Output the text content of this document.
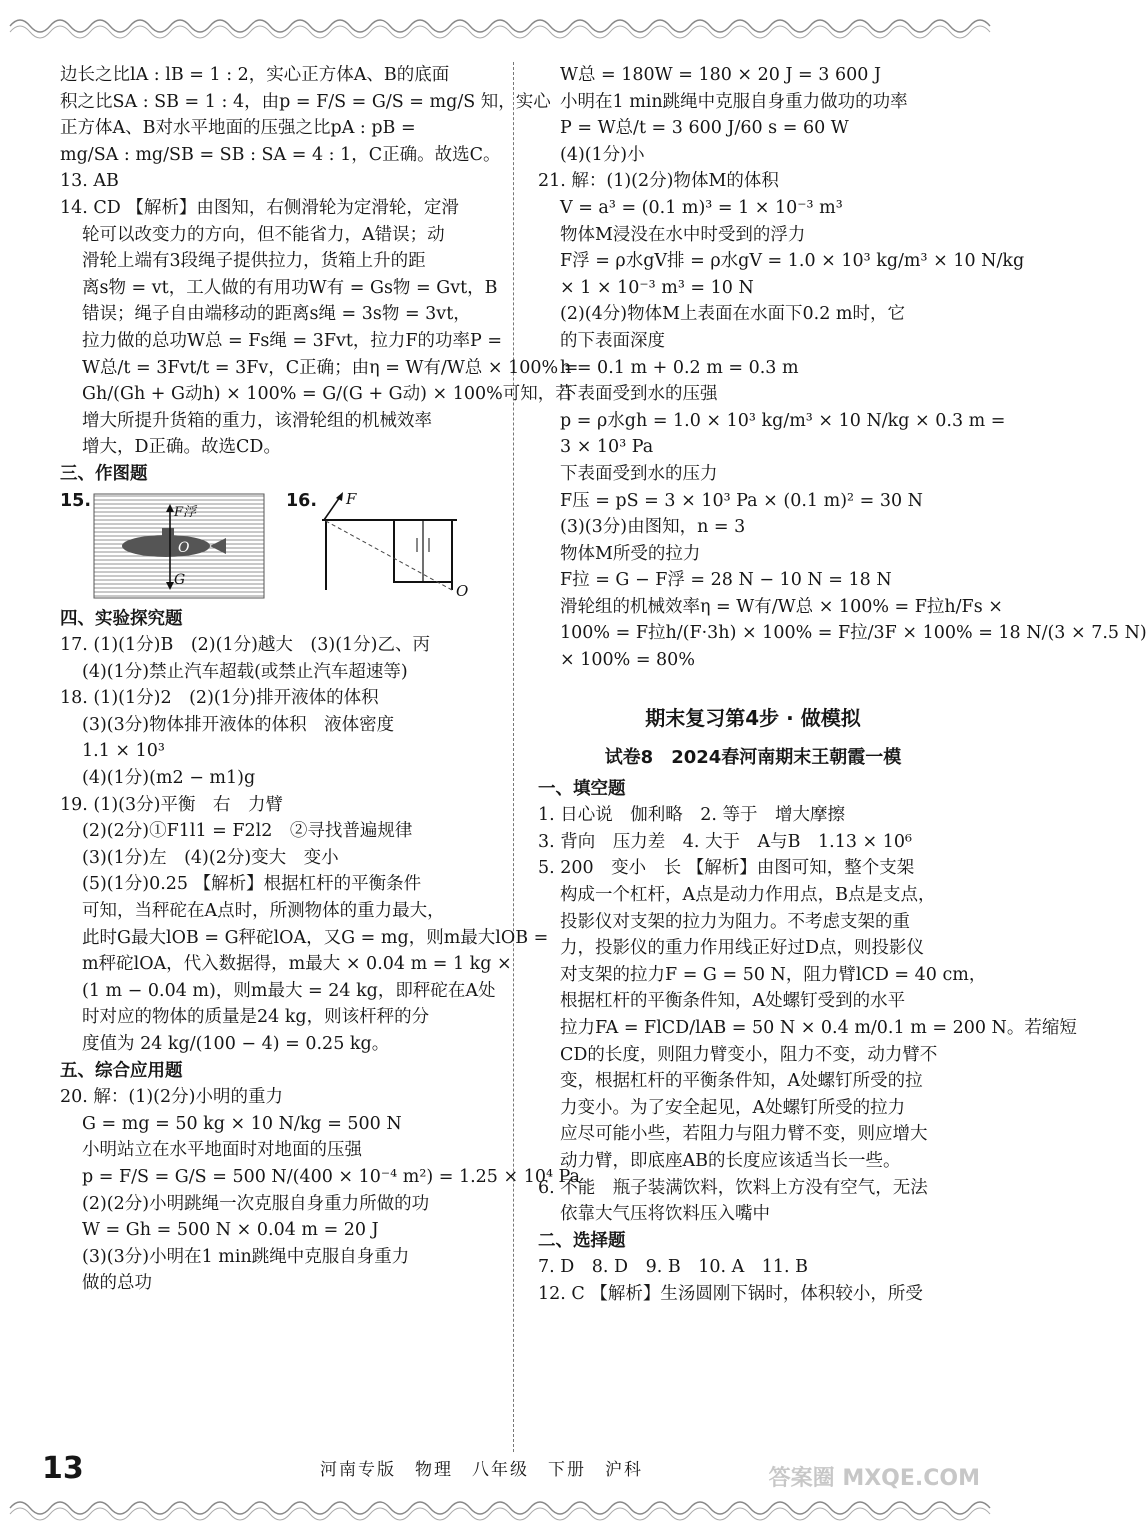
边长之比lA : lB = 1 : 2，实心正方体A、B的底面
积之比SA : SB = 1 : 4，由p = F/S = G/S = mg/S 知，实心
正方体A、B对水平地面的压强之比pA : pB =
mg/SA : mg/SB = SB : SA = 4 : 1，C正确。故选C。
13. AB
14. CD 【解析】由图知，右侧滑轮为定滑轮，定滑
轮可以改变力的方向，但不能省力，A错误；动
滑轮上端有3段绳子提供拉力，货箱上升的距
离s物 = vt，工人做的有用功W有 = Gs物 = Gvt，B
错误；绳子自由端移动的距离s绳 = 3s物 = 3vt，
拉力做的总功W总 = Fs绳 = 3Fvt，拉力F的功率P =
W总/t = 3Fvt/t = 3Fv，C正确；由η = W有/W总 × 100% =
Gh/(Gh + G动h) × 100% = G/(G + G动) × 100%可知，若
增大所提升货箱的重力，该滑轮组的机械效率
增大，D正确。故选CD。
三、作图题
15.
F浮
O
G
16. F
O
四、实验探究题
17. (1)(1分)B　(2)(1分)越大　(3)(1分)乙、丙
(4)(1分)禁止汽车超载(或禁止汽车超速等)
18. (1)(1分)2　(2)(1分)排开液体的体积
(3)(3分)物体排开液体的体积　液体密度
1.1 × 10³
(4)(1分)(m2 − m1)g
19. (1)(3分)平衡　右　力臂
(2)(2分)①F1l1 = F2l2　②寻找普遍规律
(3)(1分)左　(4)(2分)变大　变小
(5)(1分)0.25 【解析】根据杠杆的平衡条件
可知，当秤砣在A点时，所测物体的重力最大，
此时G最大lOB = G秤砣lOA，又G = mg，则m最大lOB =
m秤砣lOA，代入数据得，m最大 × 0.04 m = 1 kg ×
(1 m − 0.04 m)，则m最大 = 24 kg，即秤砣在A处
时对应的物体的质量是24 kg，则该杆秤的分
度值为 24 kg/(100 − 4) = 0.25 kg。
五、综合应用题
20. 解：(1)(2分)小明的重力
G = mg = 50 kg × 10 N/kg = 500 N
小明站立在水平地面时对地面的压强
p = F/S = G/S = 500 N/(400 × 10⁻⁴ m²) = 1.25 × 10⁴ Pa
(2)(2分)小明跳绳一次克服自身重力所做的功
W = Gh = 500 N × 0.04 m = 20 J
(3)(3分)小明在1 min跳绳中克服自身重力
做的总功
W总 = 180W = 180 × 20 J = 3 600 J
小明在1 min跳绳中克服自身重力做功的功率
P = W总/t = 3 600 J/60 s = 60 W
(4)(1分)小
21. 解：(1)(2分)物体M的体积
V = a³ = (0.1 m)³ = 1 × 10⁻³ m³
物体M浸没在水中时受到的浮力
F浮 = ρ水gV排 = ρ水gV = 1.0 × 10³ kg/m³ × 10 N/kg
× 1 × 10⁻³ m³ = 10 N
(2)(4分)物体M上表面在水面下0.2 m时，它
的下表面深度
h = 0.1 m + 0.2 m = 0.3 m
下表面受到水的压强
p = ρ水gh = 1.0 × 10³ kg/m³ × 10 N/kg × 0.3 m =
3 × 10³ Pa
下表面受到水的压力
F压 = pS = 3 × 10³ Pa × (0.1 m)² = 30 N
(3)(3分)由图知，n = 3
物体M所受的拉力
F拉 = G − F浮 = 28 N − 10 N = 18 N
滑轮组的机械效率η = W有/W总 × 100% = F拉h/Fs ×
100% = F拉h/(F·3h) × 100% = F拉/3F × 100% = 18 N/(3 × 7.5 N)
× 100% = 80%
期末复习第4步 · 做模拟
试卷8　2024春河南期末王朝霞一模
一、填空题
1. 日心说　伽利略　2. 等于　增大摩擦
3. 背向　压力差　4. 大于　A与B　1.13 × 10⁶
5. 200　变小　长 【解析】由图可知，整个支架
构成一个杠杆，A点是动力作用点，B点是支点，
投影仪对支架的拉力为阻力。不考虑支架的重
力，投影仪的重力作用线正好过D点，则投影仪
对支架的拉力F = G = 50 N，阻力臂lCD = 40 cm，
根据杠杆的平衡条件知，A处螺钉受到的水平
拉力FA = FlCD/lAB = 50 N × 0.4 m/0.1 m = 200 N。若缩短
CD的长度，则阻力臂变小，阻力不变，动力臂不
变，根据杠杆的平衡条件知，A处螺钉所受的拉
力变小。为了安全起见，A处螺钉所受的拉力
应尽可能小些，若阻力与阻力臂不变，则应增大
动力臂，即底座AB的长度应该适当长一些。
6. 不能　瓶子装满饮料，饮料上方没有空气，无法
依靠大气压将饮料压入嘴中
二、选择题
7. D　8. D　9. B　10. A　11. B
12. C 【解析】生汤圆刚下锅时，体积较小，所受
13	河南专版　物理　八年级　下册　沪科	答案圈 MXQE.COM
